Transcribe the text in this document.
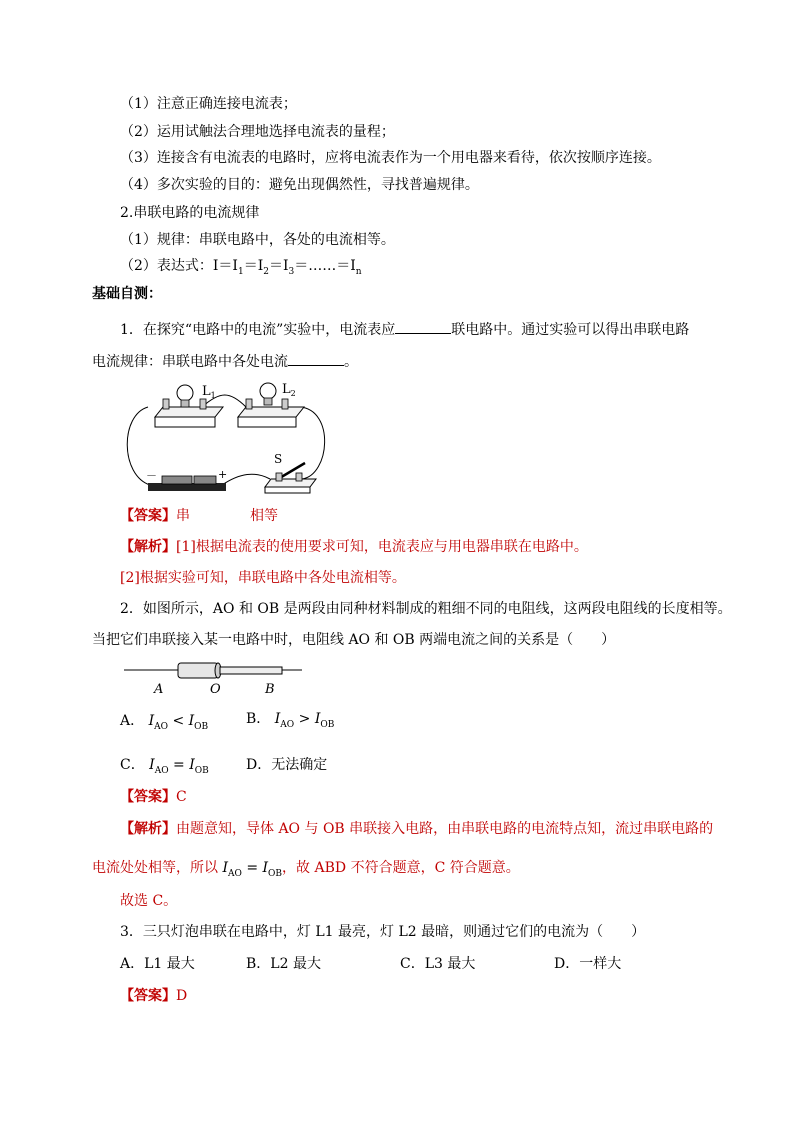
（1）注意正确连接电流表；
（2）运用试触法合理地选择电流表的量程；
（3）连接含有电流表的电路时，应将电流表作为一个用电器来看待，依次按顺序连接。
（4）多次实验的目的：避免出现偶然性，寻找普遍规律。
2.串联电路的电流规律
（1）规律：串联电路中，各处的电流相等。
（2）表达式：$I=I_1=I_2=I_3=\dots\dots=I_n$
基础自测：
1．在探究“电路中的电流”实验中，电流表应	联电路中。通过实验可以得出串联电路
电流规律：串联电路中各处电流	。
$L_1$	$L_2$
－	+
S
【答案】串	相等
【解析】[1]根据电流表的使用要求可知，电流表应与用电器串联在电路中。
[2]根据实验可知，串联电路中各处电流相等。
2．如图所示，AO 和 OB 是两段由同种材料制成的粗细不同的电阻线，这两段电阻线的长度相等。
当把它们串联接入某一电路中时，电阻线 AO 和 OB 两端电流之间的关系是（　　）
A	O	B
A． $I_{AO} < I_{OB}$	B． $I_{AO} > I_{OB}$
C． $I_{AO} = I_{OB}$	D．无法确定
【答案】C
【解析】由题意知，导体 AO 与 OB 串联接入电路，由串联电路的电流特点知，流过串联电路的
电流处处相等，所以 $I_{AO} = I_{OB}$，故 ABD 不符合题意，C 符合题意。
故选 C。
3．三只灯泡串联在电路中，灯 L1 最亮，灯 L2 最暗，则通过它们的电流为（　　）
A．L1 最大	B．L2 最大	C．L3 最大	D．一样大
【答案】D
